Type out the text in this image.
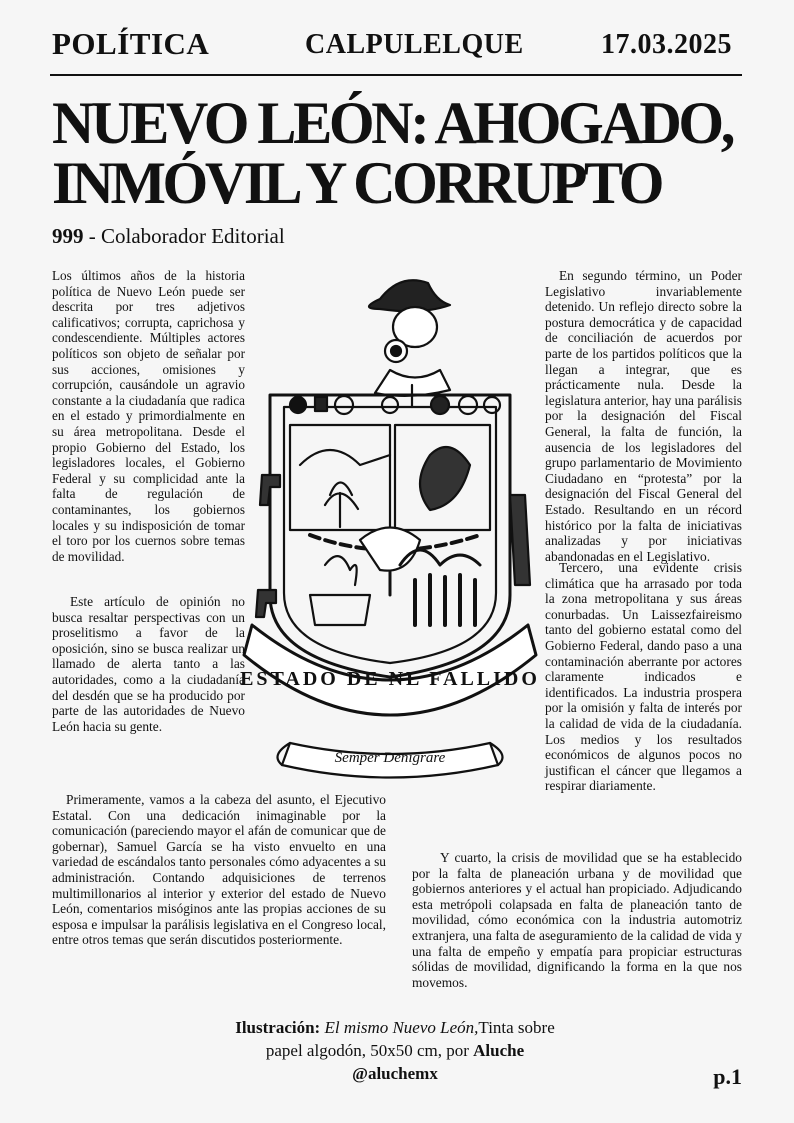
POLÍTICA	CALPULELQUE	17.03.2025
NUEVO LEÓN: AHOGADO, INMÓVIL Y CORRUPTO
999 - Colaborador Editorial
ESTADO DE NL FALLIDO
Semper Denigrare

Los últimos años de la historia política de Nuevo León puede ser descrita por tres adjetivos calificativos; corrupta, caprichosa y condescendiente. Múltiples actores políticos son objeto de señalar por sus acciones, omisiones y corrupción, causándole un agravio constante a la ciudadanía que radica en el estado y primordialmente en su área metropolitana. Desde el propio Gobierno del Estado, los legisladores locales, el Gobierno Federal y su complicidad ante la falta de regulación de contaminantes, los gobiernos locales y su indisposición de tomar el toro por los cuernos sobre temas de movilidad.

Este artículo de opinión no busca resaltar perspectivas con un proselitismo a favor de la oposición, sino se busca realizar un llamado de alerta tanto a las autoridades, como a la ciudadanía del desdén que se ha producido por parte de las autoridades de Nuevo León hacia su gente.

Primeramente, vamos a la cabeza del asunto, el Ejecutivo Estatal. Con una dedicación inimaginable por la comunicación (pareciendo mayor el afán de comunicar que de gobernar), Samuel García se ha visto envuelto en una variedad de escándalos tanto personales cómo adyacentes a su administración. Contando adquisiciones de terrenos multimillonarios al interior y exterior del estado de Nuevo León, comentarios misóginos ante las propias acciones de su esposa e impulsar la parálisis legislativa en el Congreso local, entre otros temas que serán discutidos posteriormente.

En segundo término, un Poder Legislativo invariablemente detenido. Un reflejo directo sobre la postura democrática y de capacidad de conciliación de acuerdos por parte de los partidos políticos que la llegan a integrar, que es prácticamente nula. Desde la legislatura anterior, hay una parálisis por la designación del Fiscal General, la falta de función, la ausencia de los legisladores del grupo parlamentario de Movimiento Ciudadano en “protesta” por la designación del Fiscal General del Estado. Resultando en un récord histórico por la falta de iniciativas analizadas y por iniciativas abandonadas en el Legislativo.

Tercero, una evidente crisis climática que ha arrasado por toda la zona metropolitana y sus áreas conurbadas. Un Laissezfaireismo tanto del gobierno estatal como del Gobierno Federal, dando paso a una contaminación aberrante por actores claramente indicados e identificados. La industria prospera por la omisión y falta de interés por la calidad de vida de la ciudadanía. Los medios y los resultados económicos de algunos pocos no justifican el cáncer que llegamos a respirar diariamente.

Y cuarto, la crisis de movilidad que se ha establecido por la falta de planeación urbana y de movilidad que gobiernos anteriores y el actual han propiciado. Adjudicando esta metrópoli colapsada en falta de planeación tanto de movilidad, cómo económica con la industria automotriz extranjera, una falta de aseguramiento de la calidad de vida y una falta de empeño y empatía para propiciar estructuras sólidas de movilidad, dignificando la forma en la que nos movemos.

Ilustración: El mismo Nuevo León,Tinta sobre
papel algodón, 50x50 cm, por Aluche
@aluchemx	p.1
